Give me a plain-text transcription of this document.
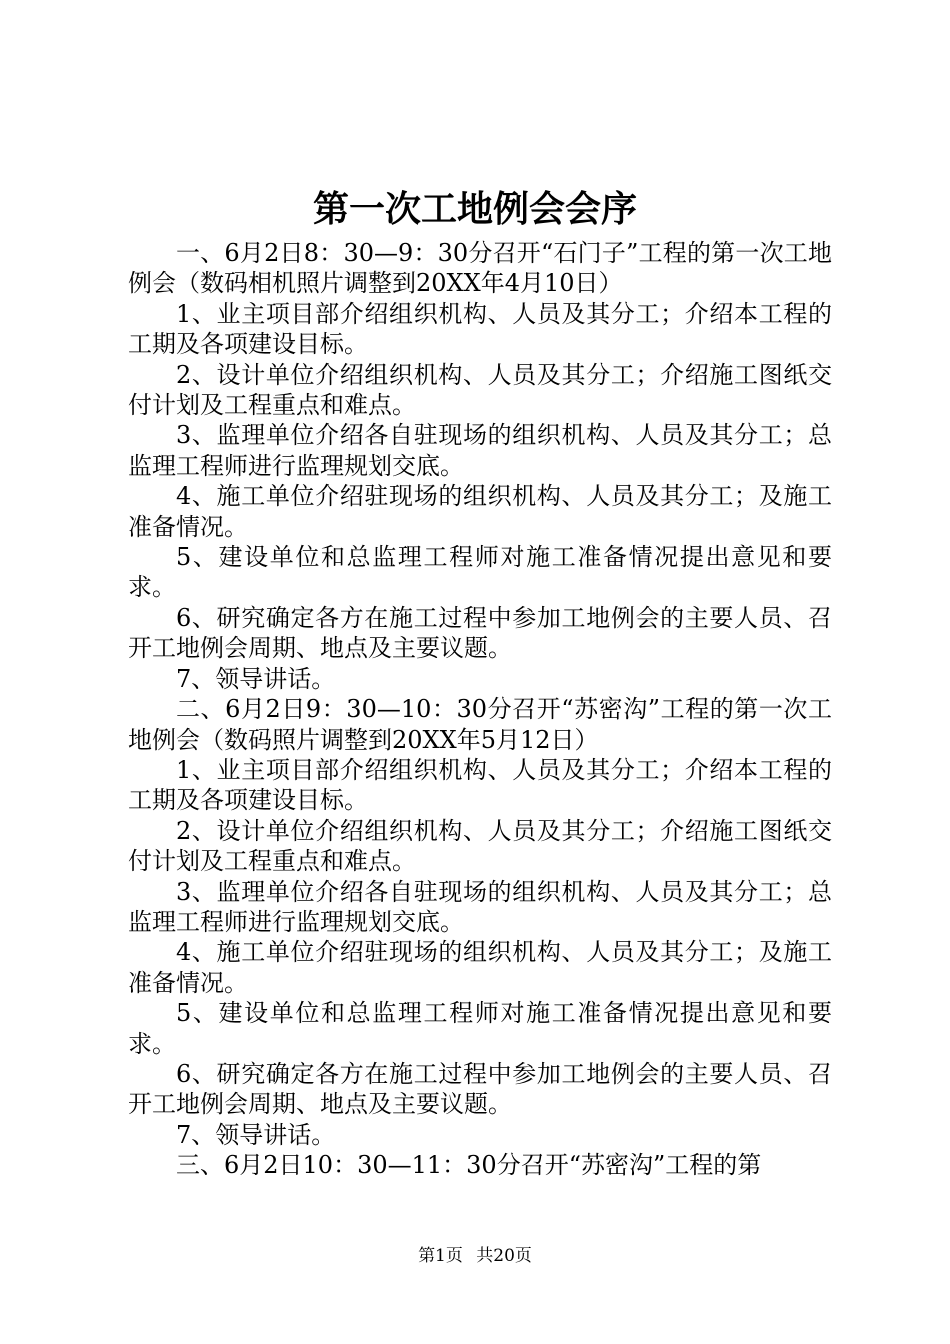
第一次工地例会会序

一、6月2日8：30—9：30分召开“石门子”工程的第一次工地例会（数码相机照片调整到20XX年4月10日）

1、业主项目部介绍组织机构、人员及其分工；介绍本工程的工期及各项建设目标。

2、设计单位介绍组织机构、人员及其分工；介绍施工图纸交付计划及工程重点和难点。

3、监理单位介绍各自驻现场的组织机构、人员及其分工；总监理工程师进行监理规划交底。

4、施工单位介绍驻现场的组织机构、人员及其分工；及施工准备情况。

5、建设单位和总监理工程师对施工准备情况提出意见和要求。

6、研究确定各方在施工过程中参加工地例会的主要人员、召开工地例会周期、地点及主要议题。

7、领导讲话。

二、6月2日9：30—10：30分召开“苏密沟”工程的第一次工地例会（数码照片调整到20XX年5月12日）

1、业主项目部介绍组织机构、人员及其分工；介绍本工程的工期及各项建设目标。

2、设计单位介绍组织机构、人员及其分工；介绍施工图纸交付计划及工程重点和难点。

3、监理单位介绍各自驻现场的组织机构、人员及其分工；总监理工程师进行监理规划交底。

4、施工单位介绍驻现场的组织机构、人员及其分工；及施工准备情况。

5、建设单位和总监理工程师对施工准备情况提出意见和要求。

6、研究确定各方在施工过程中参加工地例会的主要人员、召开工地例会周期、地点及主要议题。

7、领导讲话。

三、6月2日10：30—11：30分召开“苏密沟”工程的第

第1页 共20页
